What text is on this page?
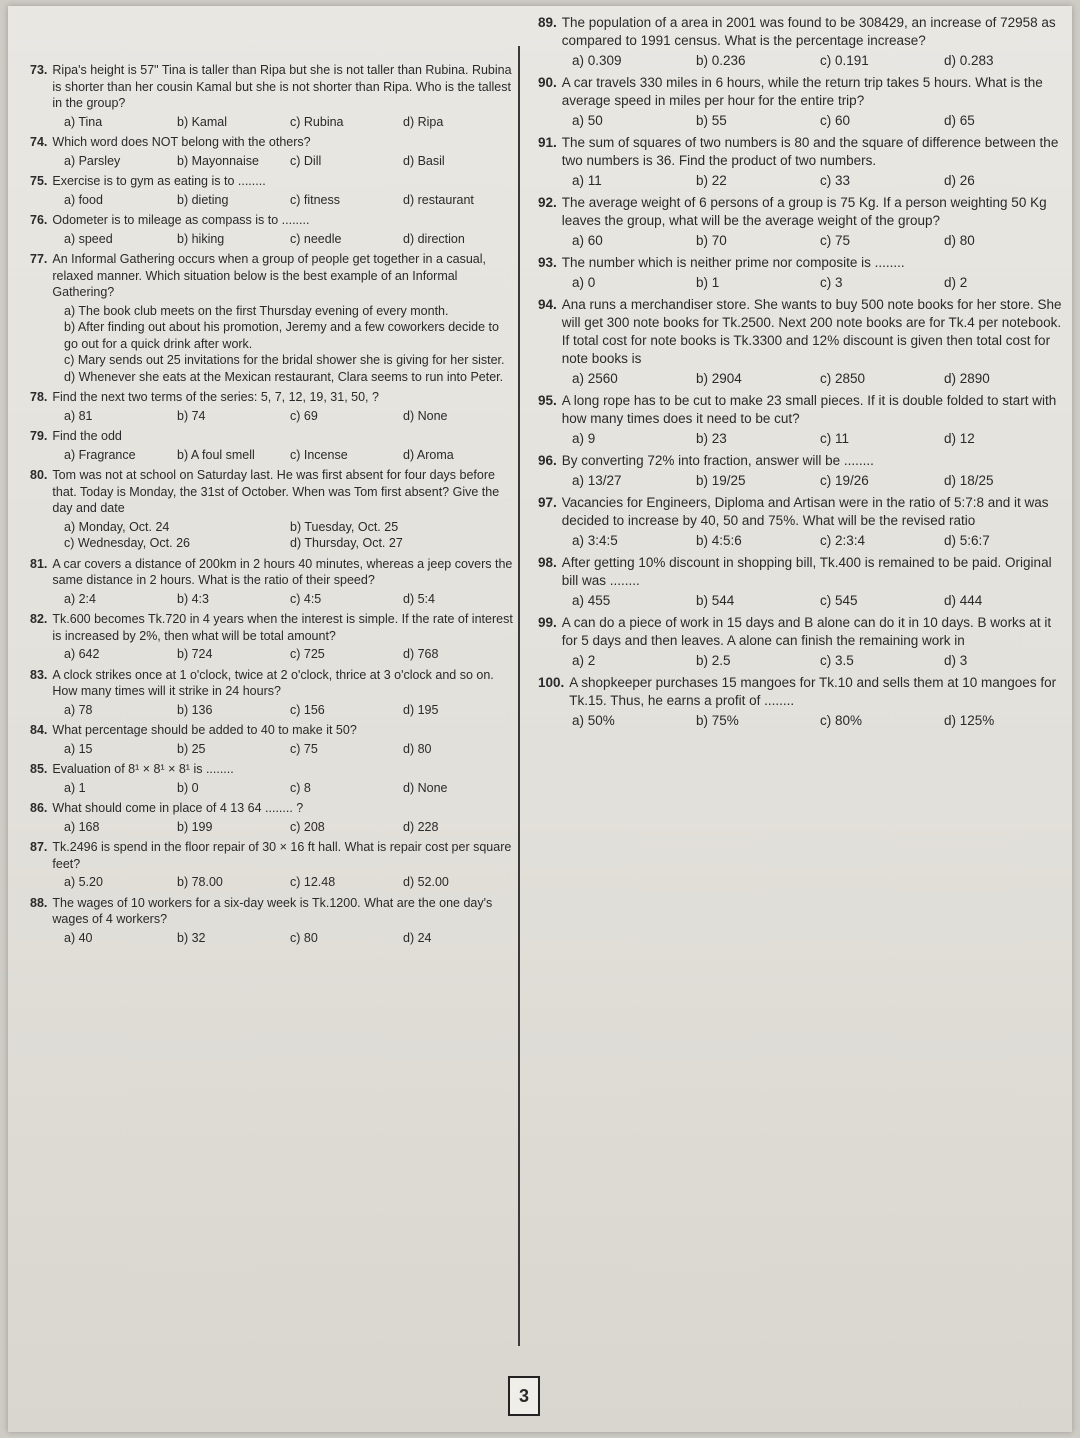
73. Ripa's height is 57" Tina is taller than Ripa but she is not taller than Rubina. Rubina is shorter than her cousin Kamal but she is not shorter than Ripa. Who is the tallest in the group?
a) Tina	b) Kamal	c) Rubina	d) Ripa
74. Which word does NOT belong with the others?
a) Parsley	b) Mayonnaise	c) Dill	d) Basil
75. Exercise is to gym as eating is to ........
a) food	b) dieting	c) fitness	d) restaurant
76. Odometer is to mileage as compass is to ........
a) speed	b) hiking	c) needle	d) direction
77. An Informal Gathering occurs when a group of people get together in a casual, relaxed manner. Which situation below is the best example of an Informal Gathering?
a) The book club meets on the first Thursday evening of every month.
b) After finding out about his promotion, Jeremy and a few coworkers decide to go out for a quick drink after work.
c) Mary sends out 25 invitations for the bridal shower she is giving for her sister.
d) Whenever she eats at the Mexican restaurant, Clara seems to run into Peter.
78. Find the next two terms of the series: 5, 7, 12, 19, 31, 50, ?
a) 81	b) 74	c) 69	d) None
79. Find the odd
a) Fragrance	b) A foul smell	c) Incense	d) Aroma
80. Tom was not at school on Saturday last. He was first absent for four days before that. Today is Monday, the 31st of October. When was Tom first absent? Give the day and date
a) Monday, Oct. 24	b) Tuesday, Oct. 25
c) Wednesday, Oct. 26	d) Thursday, Oct. 27
81. A car covers a distance of 200km in 2 hours 40 minutes, whereas a jeep covers the same distance in 2 hours. What is the ratio of their speed?
a) 2:4	b) 4:3	c) 4:5	d) 5:4
82. Tk.600 becomes Tk.720 in 4 years when the interest is simple. If the rate of interest is increased by 2%, then what will be total amount?
a) 642	b) 724	c) 725	d) 768
83. A clock strikes once at 1 o'clock, twice at 2 o'clock, thrice at 3 o'clock and so on. How many times will it strike in 24 hours?
a) 78	b) 136	c) 156	d) 195
84. What percentage should be added to 40 to make it 50?
a) 15	b) 25	c) 75	d) 80
85. Evaluation of 8¹ × 8¹ × 8¹ is ........
a) 1	b) 0	c) 8	d) None
86. What should come in place of 4 13 64 ........ ?
a) 168	b) 199	c) 208	d) 228
87. Tk.2496 is spend in the floor repair of 30 × 16 ft hall. What is repair cost per square feet?
a) 5.20	b) 78.00	c) 12.48	d) 52.00
88. The wages of 10 workers for a six-day week is Tk.1200. What are the one day's wages of 4 workers?
a) 40	b) 32	c) 80	d) 24
89. The population of a area in 2001 was found to be 308429, an increase of 72958 as compared to 1991 census. What is the percentage increase?
a) 0.309	b) 0.236	c) 0.191	d) 0.283
90. A car travels 330 miles in 6 hours, while the return trip takes 5 hours. What is the average speed in miles per hour for the entire trip?
a) 50	b) 55	c) 60	d) 65
91. The sum of squares of two numbers is 80 and the square of difference between the two numbers is 36. Find the product of two numbers.
a) 11	b) 22	c) 33	d) 26
92. The average weight of 6 persons of a group is 75 Kg. If a person weighting 50 Kg leaves the group, what will be the average weight of the group?
a) 60	b) 70	c) 75	d) 80
93. The number which is neither prime nor composite is ........
a) 0	b) 1	c) 3	d) 2
94. Ana runs a merchandiser store. She wants to buy 500 note books for her store. She will get 300 note books for Tk.2500. Next 200 note books are for Tk.4 per notebook. If total cost for note books is Tk.3300 and 12% discount is given then total cost for note books is
a) 2560	b) 2904	c) 2850	d) 2890
95. A long rope has to be cut to make 23 small pieces. If it is double folded to start with how many times does it need to be cut?
a) 9	b) 23	c) 11	d) 12
96. By converting 72% into fraction, answer will be ........
a) 13/27	b) 19/25	c) 19/26	d) 18/25
97. Vacancies for Engineers, Diploma and Artisan were in the ratio of 5:7:8 and it was decided to increase by 40, 50 and 75%. What will be the revised ratio
a) 3:4:5	b) 4:5:6	c) 2:3:4	d) 5:6:7
98. After getting 10% discount in shopping bill, Tk.400 is remained to be paid. Original bill was ........
a) 455	b) 544	c) 545	d) 444
99. A can do a piece of work in 15 days and B alone can do it in 10 days. B works at it for 5 days and then leaves. A alone can finish the remaining work in
a) 2	b) 2.5	c) 3.5	d) 3
100. A shopkeeper purchases 15 mangoes for Tk.10 and sells them at 10 mangoes for Tk.15. Thus, he earns a profit of ........
a) 50%	b) 75%	c) 80%	d) 125%
3
